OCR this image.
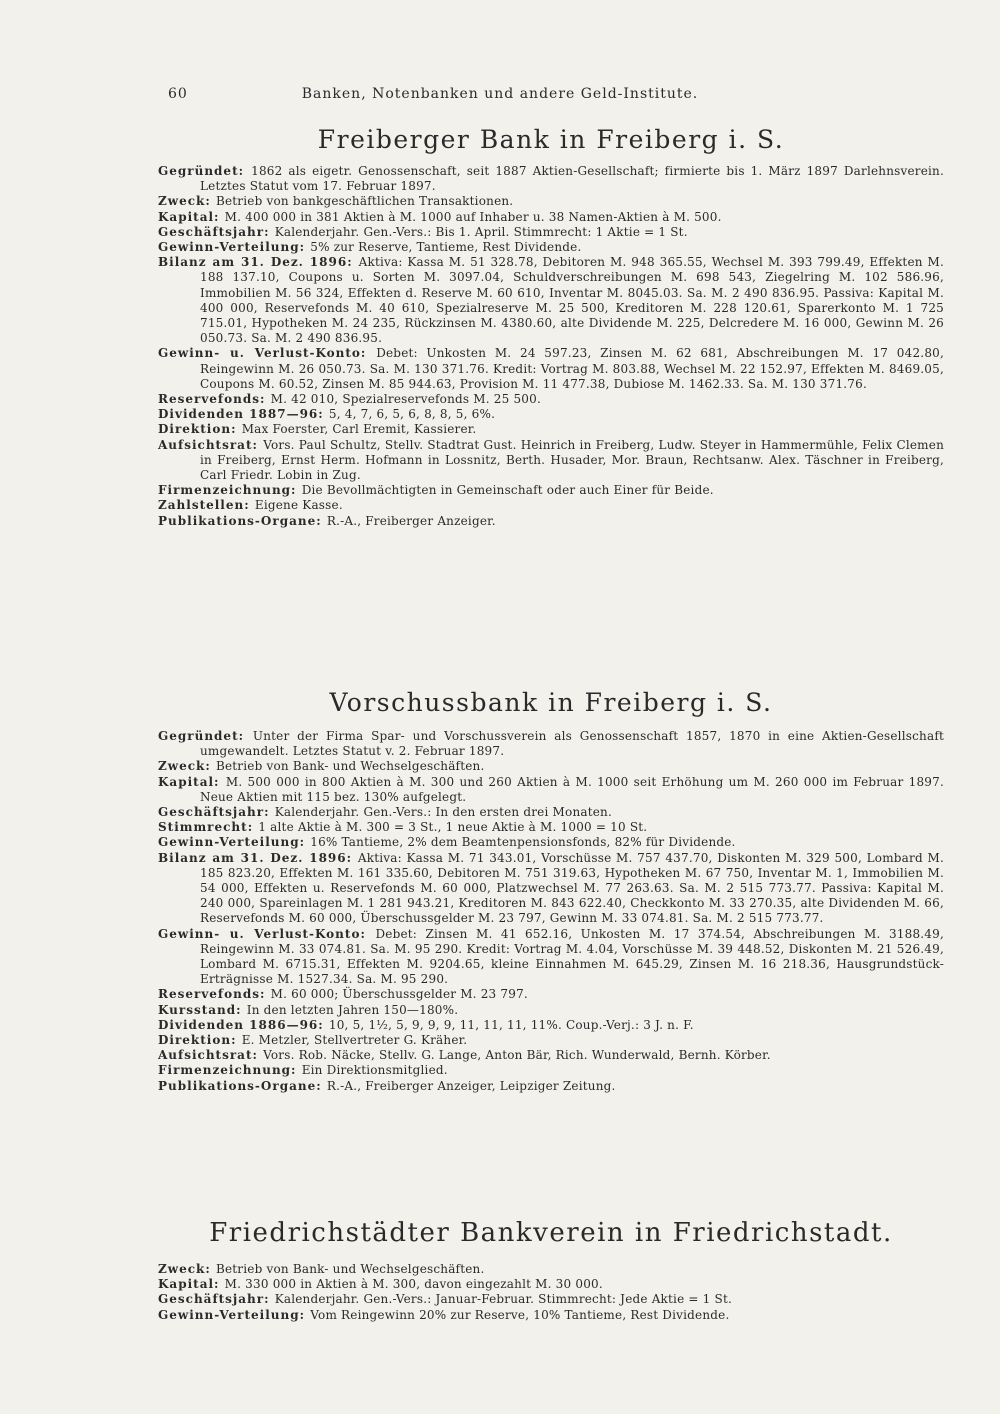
60	Banken, Notenbanken und andere Geld-Institute.
Freiberger Bank in Freiberg i. S.

Gegründet: 1862 als eigetr. Genossenschaft, seit 1887 Aktien-Gesellschaft; firmierte bis 1. März 1897 Darlehnsverein. Letztes Statut vom 17. Februar 1897.

Zweck: Betrieb von bankgeschäftlichen Transaktionen.

Kapital: M. 400 000 in 381 Aktien à M. 1000 auf Inhaber u. 38 Namen-Aktien à M. 500.

Geschäftsjahr: Kalenderjahr. Gen.-Vers.: Bis 1. April. Stimmrecht: 1 Aktie = 1 St.

Gewinn-Verteilung: 5% zur Reserve, Tantieme, Rest Dividende.

Bilanz am 31. Dez. 1896: Aktiva: Kassa M. 51 328.78, Debitoren M. 948 365.55, Wechsel M. 393 799.49, Effekten M. 188 137.10, Coupons u. Sorten M. 3097.04, Schuldverschreibungen M. 698 543, Ziegelring M. 102 586.96, Immobilien M. 56 324, Effekten d. Reserve M. 60 610, Inventar M. 8045.03. Sa. M. 2 490 836.95. Passiva: Kapital M. 400 000, Reservefonds M. 40 610, Spezialreserve M. 25 500, Kreditoren M. 228 120.61, Sparerkonto M. 1 725 715.01, Hypotheken M. 24 235, Rückzinsen M. 4380.60, alte Dividende M. 225, Delcredere M. 16 000, Gewinn M. 26 050.73. Sa. M. 2 490 836.95.

Gewinn- u. Verlust-Konto: Debet: Unkosten M. 24 597.23, Zinsen M. 62 681, Abschreibungen M. 17 042.80, Reingewinn M. 26 050.73. Sa. M. 130 371.76. Kredit: Vortrag M. 803.88, Wechsel M. 22 152.97, Effekten M. 8469.05, Coupons M. 60.52, Zinsen M. 85 944.63, Provision M. 11 477.38, Dubiose M. 1462.33. Sa. M. 130 371.76.

Reservefonds: M. 42 010, Spezialreservefonds M. 25 500.

Dividenden 1887—96: 5, 4, 7, 6, 5, 6, 8, 8, 5, 6%.

Direktion: Max Foerster, Carl Eremit, Kassierer.

Aufsichtsrat: Vors. Paul Schultz, Stellv. Stadtrat Gust. Heinrich in Freiberg, Ludw. Steyer in Hammermühle, Felix Clemen in Freiberg, Ernst Herm. Hofmann in Lossnitz, Berth. Husader, Mor. Braun, Rechtsanw. Alex. Täschner in Freiberg, Carl Friedr. Lobin in Zug.

Firmenzeichnung: Die Bevollmächtigten in Gemeinschaft oder auch Einer für Beide.

Zahlstellen: Eigene Kasse.

Publikations-Organe: R.-A., Freiberger Anzeiger.

Vorschussbank in Freiberg i. S.

Gegründet: Unter der Firma Spar- und Vorschussverein als Genossenschaft 1857, 1870 in eine Aktien-Gesellschaft umgewandelt. Letztes Statut v. 2. Februar 1897.

Zweck: Betrieb von Bank- und Wechselgeschäften.

Kapital: M. 500 000 in 800 Aktien à M. 300 und 260 Aktien à M. 1000 seit Erhöhung um M. 260 000 im Februar 1897. Neue Aktien mit 115 bez. 130% aufgelegt.

Geschäftsjahr: Kalenderjahr. Gen.-Vers.: In den ersten drei Monaten.

Stimmrecht: 1 alte Aktie à M. 300 = 3 St., 1 neue Aktie à M. 1000 = 10 St.

Gewinn-Verteilung: 16% Tantieme, 2% dem Beamtenpensionsfonds, 82% für Dividende.

Bilanz am 31. Dez. 1896: Aktiva: Kassa M. 71 343.01, Vorschüsse M. 757 437.70, Diskonten M. 329 500, Lombard M. 185 823.20, Effekten M. 161 335.60, Debitoren M. 751 319.63, Hypotheken M. 67 750, Inventar M. 1, Immobilien M. 54 000, Effekten u. Reservefonds M. 60 000, Platzwechsel M. 77 263.63. Sa. M. 2 515 773.77. Passiva: Kapital M. 240 000, Spareinlagen M. 1 281 943.21, Kreditoren M. 843 622.40, Checkkonto M. 33 270.35, alte Dividenden M. 66, Reservefonds M. 60 000, Überschussgelder M. 23 797, Gewinn M. 33 074.81. Sa. M. 2 515 773.77.

Gewinn- u. Verlust-Konto: Debet: Zinsen M. 41 652.16, Unkosten M. 17 374.54, Abschreibungen M. 3188.49, Reingewinn M. 33 074.81. Sa. M. 95 290. Kredit: Vortrag M. 4.04, Vorschüsse M. 39 448.52, Diskonten M. 21 526.49, Lombard M. 6715.31, Effekten M. 9204.65, kleine Einnahmen M. 645.29, Zinsen M. 16 218.36, Hausgrundstück-Erträgnisse M. 1527.34. Sa. M. 95 290.

Reservefonds: M. 60 000; Überschussgelder M. 23 797.

Kursstand: In den letzten Jahren 150—180%.

Dividenden 1886—96: 10, 5, 1½, 5, 9, 9, 9, 11, 11, 11, 11%. Coup.-Verj.: 3 J. n. F.

Direktion: E. Metzler, Stellvertreter G. Kräher.

Aufsichtsrat: Vors. Rob. Näcke, Stellv. G. Lange, Anton Bär, Rich. Wunderwald, Bernh. Körber.

Firmenzeichnung: Ein Direktionsmitglied.

Publikations-Organe: R.-A., Freiberger Anzeiger, Leipziger Zeitung.

Friedrichstädter Bankverein in Friedrichstadt.

Zweck: Betrieb von Bank- und Wechselgeschäften.

Kapital: M. 330 000 in Aktien à M. 300, davon eingezahlt M. 30 000.

Geschäftsjahr: Kalenderjahr. Gen.-Vers.: Januar-Februar. Stimmrecht: Jede Aktie = 1 St.

Gewinn-Verteilung: Vom Reingewinn 20% zur Reserve, 10% Tantieme, Rest Dividende.
